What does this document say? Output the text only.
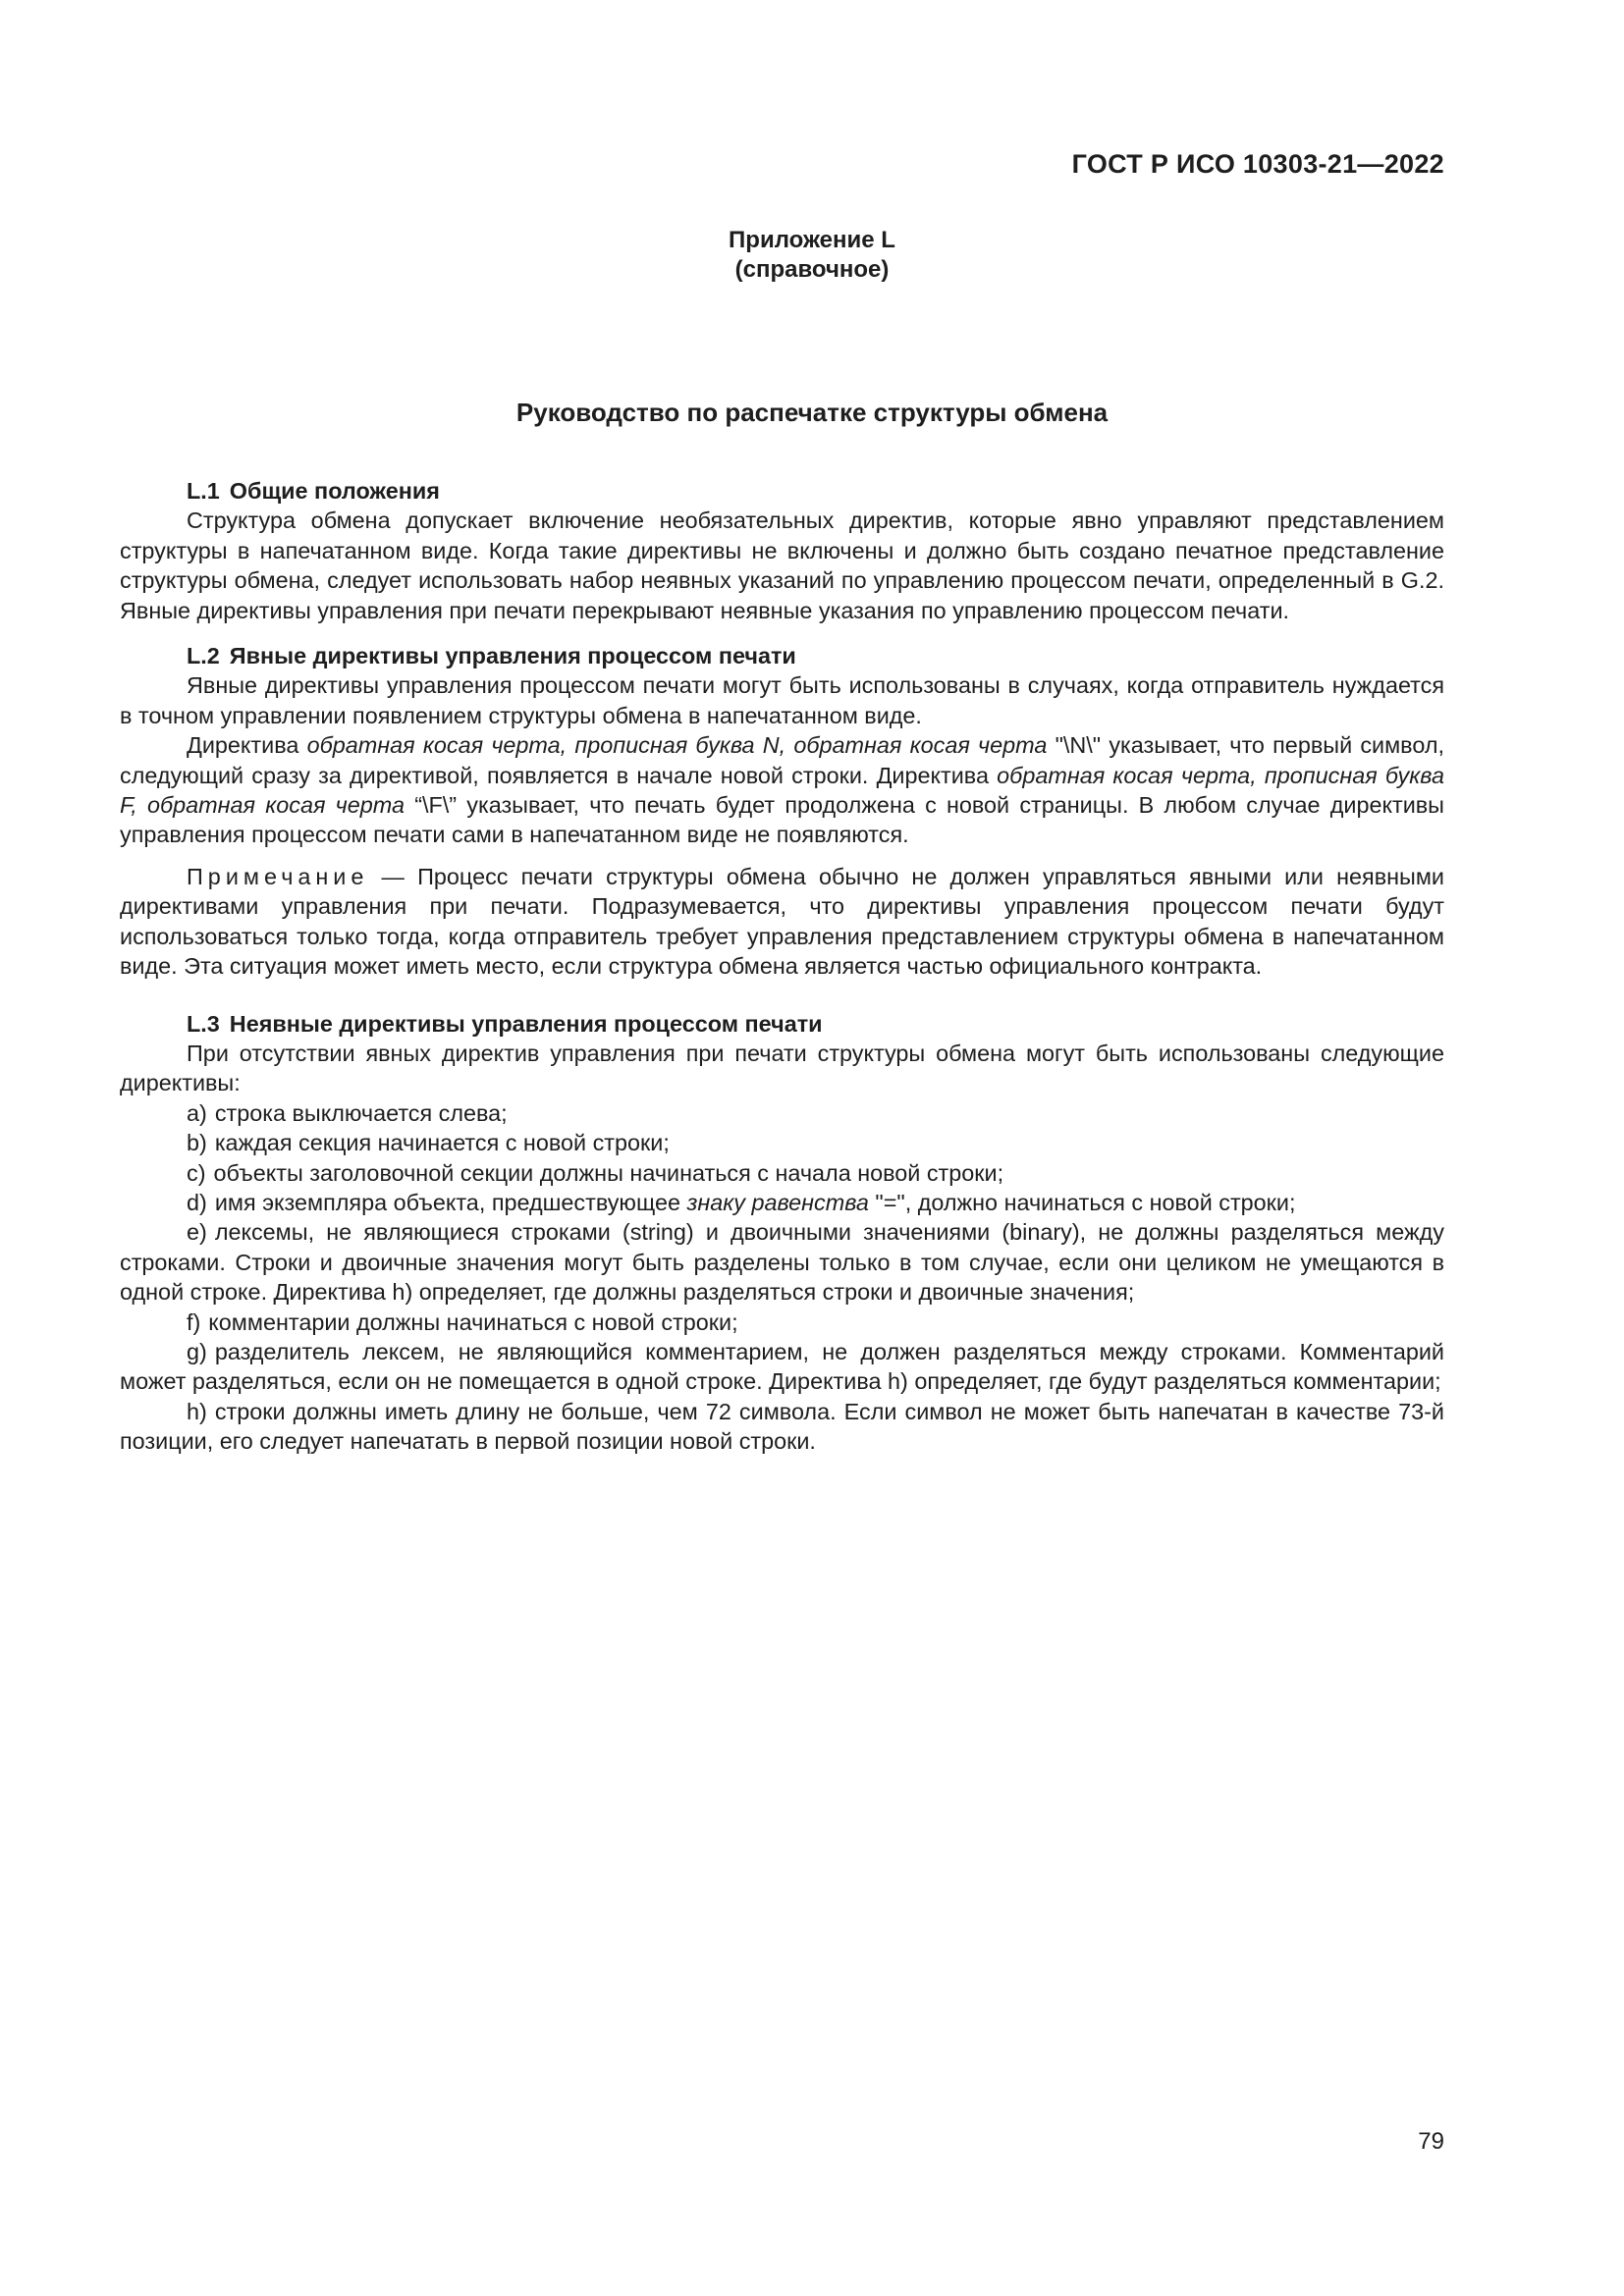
ГОСТ Р ИСО 10303-21—2022
Приложение L
(справочное)
Руководство по распечатке структуры обмена
L.1 Общие положения

Структура обмена допускает включение необязательных директив, которые явно управляют представлением структуры в напечатанном виде. Когда такие директивы не включены и должно быть создано печатное представление структуры обмена, следует использовать набор неявных указаний по управлению процессом печати, определенный в G.2. Явные директивы управления при печати перекрывают неявные указания по управлению процессом печати.

L.2 Явные директивы управления процессом печати

Явные директивы управления процессом печати могут быть использованы в случаях, когда отправитель нуждается в точном управлении появлением структуры обмена в напечатанном виде.

Директива обратная косая черта, прописная буква N, обратная косая черта "\N\" указывает, что первый символ, следующий сразу за директивой, появляется в начале новой строки. Директива обратная косая черта, прописная буква F, обратная косая черта “\F\” указывает, что печать будет продолжена с новой страницы. В любом случае директивы управления процессом печати сами в напечатанном виде не появляются.

Примечание — Процесс печати структуры обмена обычно не должен управляться явными или неявными директивами управления при печати. Подразумевается, что директивы управления процессом печати будут использоваться только тогда, когда отправитель требует управления представлением структуры обмена в напечатанном виде. Эта ситуация может иметь место, если структура обмена является частью официального контракта.

L.3 Неявные директивы управления процессом печати

При отсутствии явных директив управления при печати структуры обмена могут быть использованы следующие директивы:

a) строка выключается слева;

b) каждая секция начинается с новой строки;

c) объекты заголовочной секции должны начинаться с начала новой строки;

d) имя экземпляра объекта, предшествующее знаку равенства "=", должно начинаться с новой строки;

e) лексемы, не являющиеся строками (string) и двоичными значениями (binary), не должны разделяться между строками. Строки и двоичные значения могут быть разделены только в том случае, если они целиком не умещаются в одной строке. Директива h) определяет, где должны разделяться строки и двоичные значения;

f) комментарии должны начинаться с новой строки;

g) разделитель лексем, не являющийся комментарием, не должен разделяться между строками. Комментарий может разделяться, если он не помещается в одной строке. Директива h) определяет, где будут разделяться комментарии;

h) строки должны иметь длину не больше, чем 72 символа. Если символ не может быть напечатан в качестве 73-й позиции, его следует напечатать в первой позиции новой строки.

79
